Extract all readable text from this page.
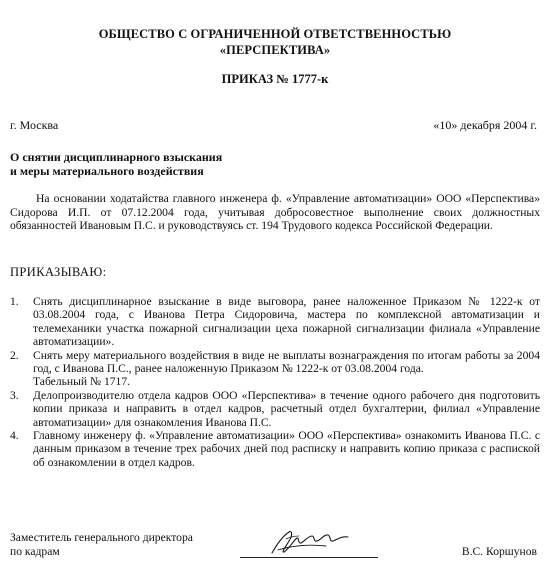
ОБЩЕСТВО С ОГРАНИЧЕННОЙ ОТВЕТСТВЕННОСТЬЮ
«ПЕРСПЕКТИВА»
ПРИКАЗ № 1777-к
г. Москва	«10» декабря 2004 г.
О снятии дисциплинарного взыскания
и меры материального воздействия
На основании ходатайства главного инженера ф. «Управление автоматизации» ООО «Перспектива» Сидорова И.П. от 07.12.2004 года, учитывая добросовестное выполнение своих должностных обязанностей Ивановым П.С. и руководствуясь ст. 194 Трудового кодекса Российской Федерации.
ПРИКАЗЫВАЮ:
1. Снять дисциплинарное взыскание в виде выговора, ранее наложенное Приказом № 1222-к от 03.08.2004 года, с Иванова Петра Сидоровича, мастера по комплексной автоматизации и телемеханики участка пожарной сигнализации цеха пожарной сигнализации филиала «Управление автоматизации».
2. Снять меру материального воздействия в виде не выплаты вознаграждения по итогам работы за 2004 год, с Иванова П.С., ранее наложенную Приказом № 1222-к от 03.08.2004 года.
Табельный № 1717.
3. Делопроизводителю отдела кадров ООО «Перспектива» в течение одного рабочего дня подготовить копии приказа и направить в отдел кадров, расчетный отдел бухгалтерии, филиал «Управление автоматизации» для ознакомления Иванова П.С.
4. Главному инженеру ф. «Управление автоматизации» ООО «Перспектива» ознакомить Иванова П.С. с данным приказом в течение трех рабочих дней под расписку и направить копию приказа с распиской об ознакомлении в отдел кадров.
Заместитель генерального директора
по кадрам	В.С. Коршунов
